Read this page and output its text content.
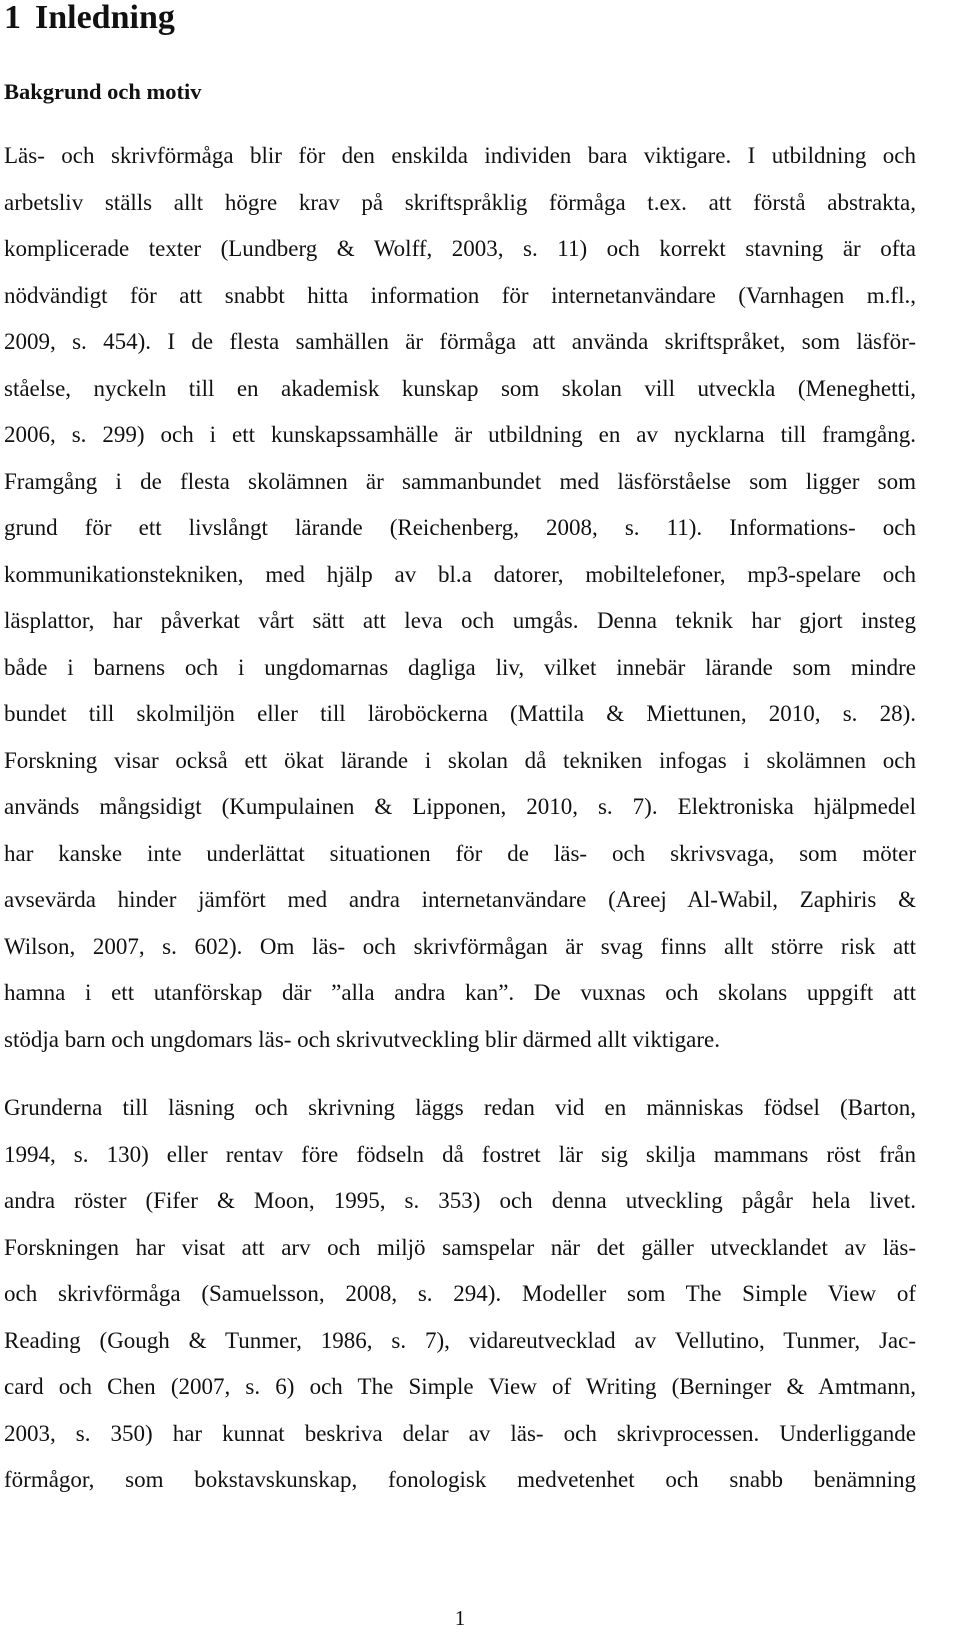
1 Inledning
Bakgrund och motiv
Läs- och skrivförmåga blir för den enskilda individen bara viktigare. I utbildning och
arbetsliv ställs allt högre krav på skriftspråklig förmåga t.ex. att förstå abstrakta,
komplicerade texter (Lundberg & Wolff, 2003, s. 11) och korrekt stavning är ofta
nödvändigt för att snabbt hitta information för internetanvändare (Varnhagen m.fl.,
2009, s. 454). I de flesta samhällen är förmåga att använda skriftspråket, som läsför-
ståelse, nyckeln till en akademisk kunskap som skolan vill utveckla (Meneghetti,
2006, s. 299) och i ett kunskapssamhälle är utbildning en av nycklarna till framgång.
Framgång i de flesta skolämnen är sammanbundet med läsförståelse som ligger som
grund för ett livslångt lärande (Reichenberg, 2008, s. 11). Informations- och
kommunikationstekniken, med hjälp av bl.a datorer, mobiltelefoner, mp3-spelare och
läsplattor, har påverkat vårt sätt att leva och umgås. Denna teknik har gjort insteg
både i barnens och i ungdomarnas dagliga liv, vilket innebär lärande som mindre
bundet till skolmiljön eller till läroböckerna (Mattila & Miettunen, 2010, s. 28).
Forskning visar också ett ökat lärande i skolan då tekniken infogas i skolämnen och
används mångsidigt (Kumpulainen & Lipponen, 2010, s. 7). Elektroniska hjälpmedel
har kanske inte underlättat situationen för de läs- och skrivsvaga, som möter
avsevärda hinder jämfört med andra internetanvändare (Areej Al-Wabil, Zaphiris &
Wilson, 2007, s. 602). Om läs- och skrivförmågan är svag finns allt större risk att
hamna i ett utanförskap där ”alla andra kan”. De vuxnas och skolans uppgift att
stödja barn och ungdomars läs- och skrivutveckling blir därmed allt viktigare.
Grunderna till läsning och skrivning läggs redan vid en människas födsel (Barton,
1994, s. 130) eller rentav före födseln då fostret lär sig skilja mammans röst från
andra röster (Fifer & Moon, 1995, s. 353) och denna utveckling pågår hela livet.
Forskningen har visat att arv och miljö samspelar när det gäller utvecklandet av läs-
och skrivförmåga (Samuelsson, 2008, s. 294). Modeller som The Simple View of
Reading (Gough & Tunmer, 1986, s. 7), vidareutvecklad av Vellutino, Tunmer, Jac-
card och Chen (2007, s. 6) och The Simple View of Writing (Berninger & Amtmann,
2003, s. 350) har kunnat beskriva delar av läs- och skrivprocessen. Underliggande
förmågor, som bokstavskunskap, fonologisk medvetenhet och snabb benämning
1
